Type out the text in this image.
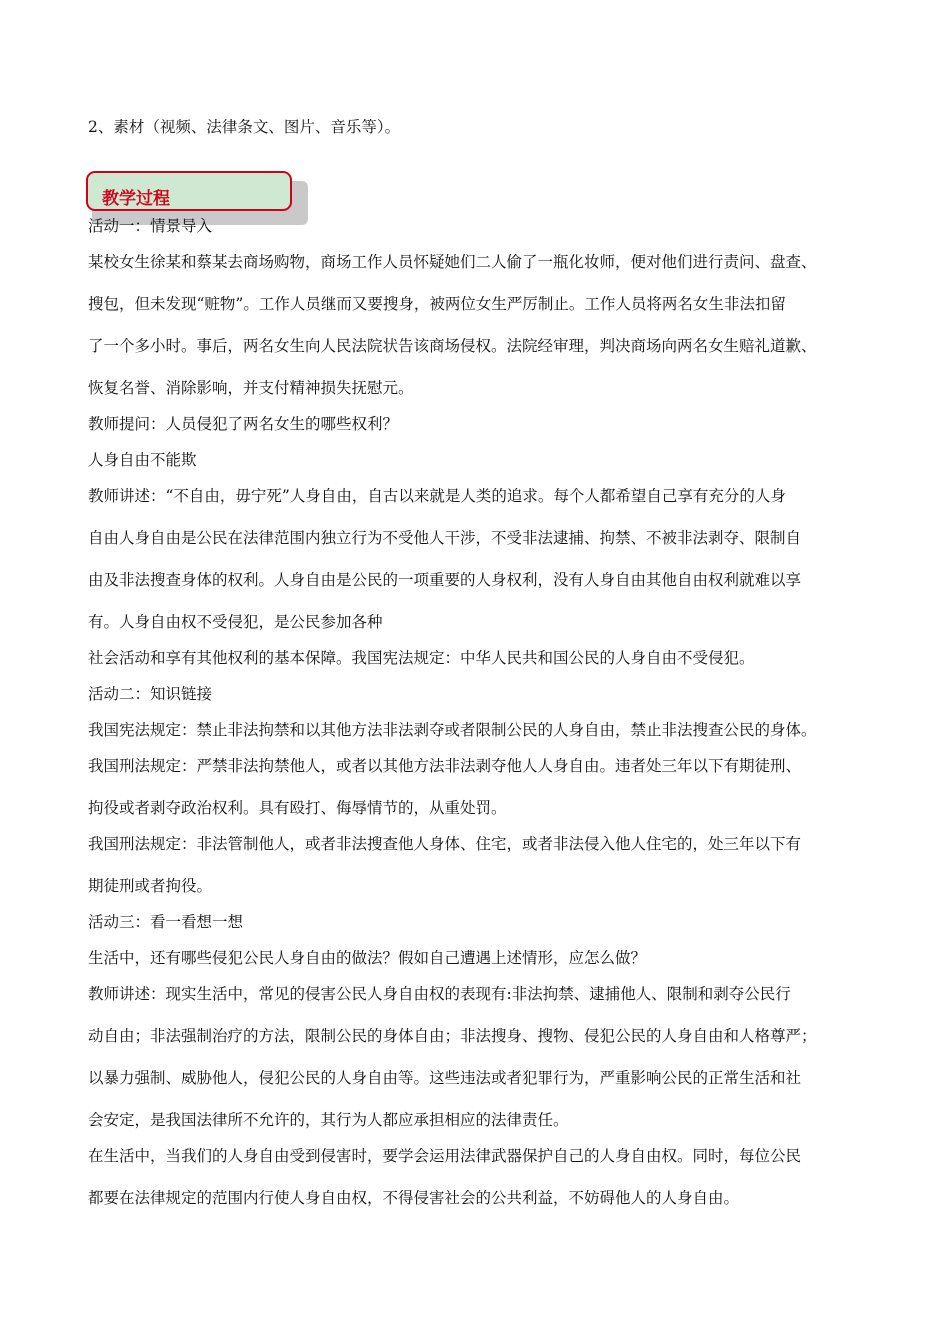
2、素材（视频、法律条文、图片、音乐等）。
教学过程
活动一：情景导入
某校女生徐某和蔡某去商场购物，商场工作人员怀疑她们二人偷了一瓶化妆师，便对他们进行责问、盘查、
搜包，但未发现“赃物”。工作人员继而又要搜身，被两位女生严厉制止。工作人员将两名女生非法扣留
了一个多小时。事后，两名女生向人民法院状告该商场侵权。法院经审理，判决商场向两名女生赔礼道歉、
恢复名誉、消除影响，并支付精神损失抚慰元。
教师提问：人员侵犯了两名女生的哪些权利？
人身自由不能欺
教师讲述：“不自由，毋宁死”人身自由，自古以来就是人类的追求。每个人都希望自己享有充分的人身
自由人身自由是公民在法律范围内独立行为不受他人干涉，不受非法逮捕、拘禁、不被非法剥夺、限制自
由及非法搜查身体的权利。人身自由是公民的一项重要的人身权利，没有人身自由其他自由权利就难以享
有。人身自由权不受侵犯，是公民参加各种
社会活动和享有其他权利的基本保障。我国宪法规定：中华人民共和国公民的人身自由不受侵犯。
活动二：知识链接
我国宪法规定：禁止非法拘禁和以其他方法非法剥夺或者限制公民的人身自由，禁止非法搜查公民的身体。
我国刑法规定：严禁非法拘禁他人，或者以其他方法非法剥夺他人人身自由。违者处三年以下有期徒刑、
拘役或者剥夺政治权利。具有殴打、侮辱情节的，从重处罚。
我国刑法规定：非法管制他人，或者非法搜查他人身体、住宅，或者非法侵入他人住宅的，处三年以下有
期徒刑或者拘役。
活动三：看一看想一想
生活中，还有哪些侵犯公民人身自由的做法？假如自己遭遇上述情形，应怎么做？
教师讲述：现实生活中，常见的侵害公民人身自由权的表现有:非法拘禁、逮捕他人、限制和剥夺公民行
动自由；非法强制治疗的方法，限制公民的身体自由；非法搜身、搜物、侵犯公民的人身自由和人格尊严；
以暴力强制、威胁他人，侵犯公民的人身自由等。这些违法或者犯罪行为，严重影响公民的正常生活和社
会安定，是我国法律所不允许的，其行为人都应承担相应的法律责任。
在生活中，当我们的人身自由受到侵害时，要学会运用法律武器保护自己的人身自由权。同时，每位公民
都要在法律规定的范围内行使人身自由权，不得侵害社会的公共利益，不妨碍他人的人身自由。
